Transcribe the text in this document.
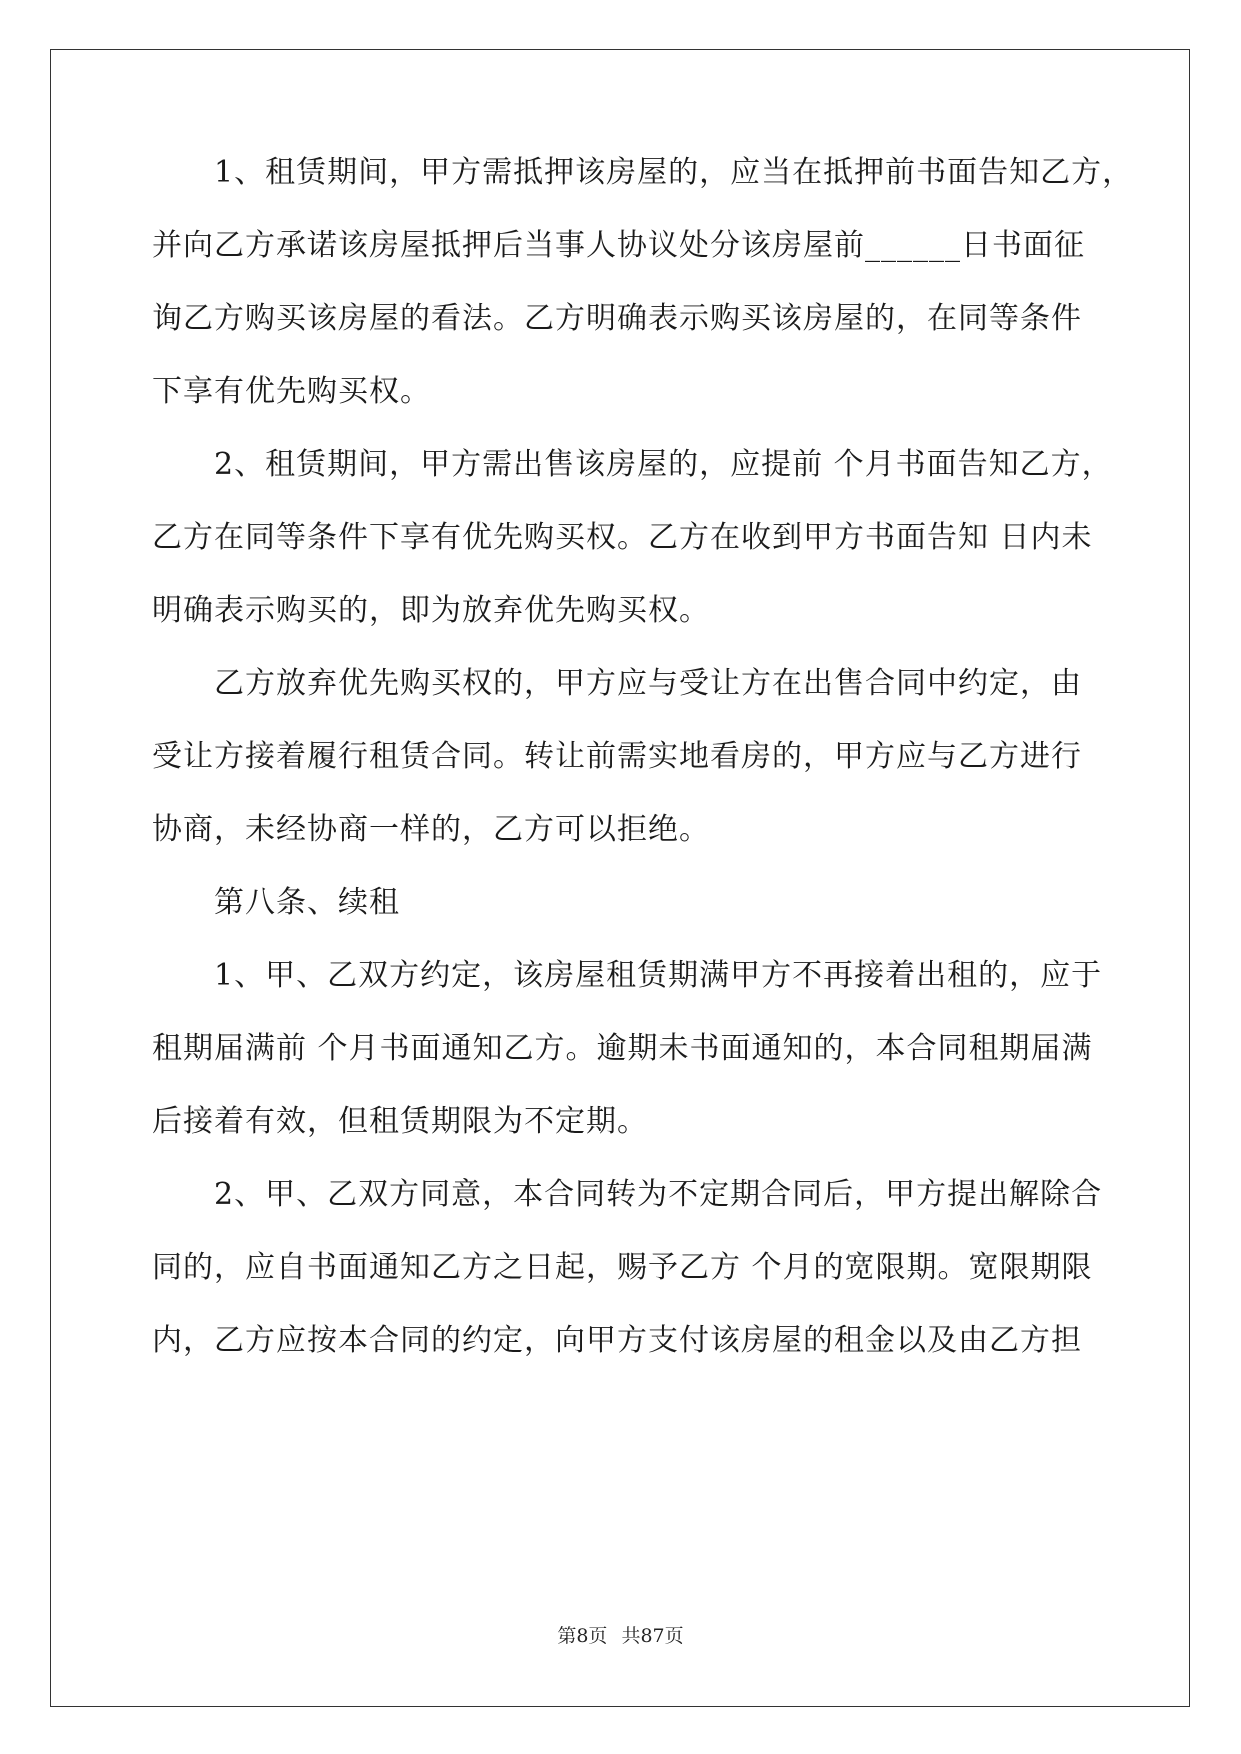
　　1、租赁期间，甲方需抵押该房屋的，应当在抵押前书面告知乙方，
并向乙方承诺该房屋抵押后当事人协议处分该房屋前______日书面征
询乙方购买该房屋的看法。乙方明确表示购买该房屋的，在同等条件
下享有优先购买权。
　　2、租赁期间，甲方需出售该房屋的，应提前 个月书面告知乙方，
乙方在同等条件下享有优先购买权。乙方在收到甲方书面告知 日内未
明确表示购买的，即为放弃优先购买权。
　　乙方放弃优先购买权的，甲方应与受让方在出售合同中约定，由
受让方接着履行租赁合同。转让前需实地看房的，甲方应与乙方进行
协商，未经协商一样的，乙方可以拒绝。
　　第八条、续租
　　1、甲、乙双方约定，该房屋租赁期满甲方不再接着出租的，应于
租期届满前 个月书面通知乙方。逾期未书面通知的，本合同租期届满
后接着有效，但租赁期限为不定期。
　　2、甲、乙双方同意，本合同转为不定期合同后，甲方提出解除合
同的，应自书面通知乙方之日起，赐予乙方 个月的宽限期。宽限期限
内，乙方应按本合同的约定，向甲方支付该房屋的租金以及由乙方担
第8页 共87页
